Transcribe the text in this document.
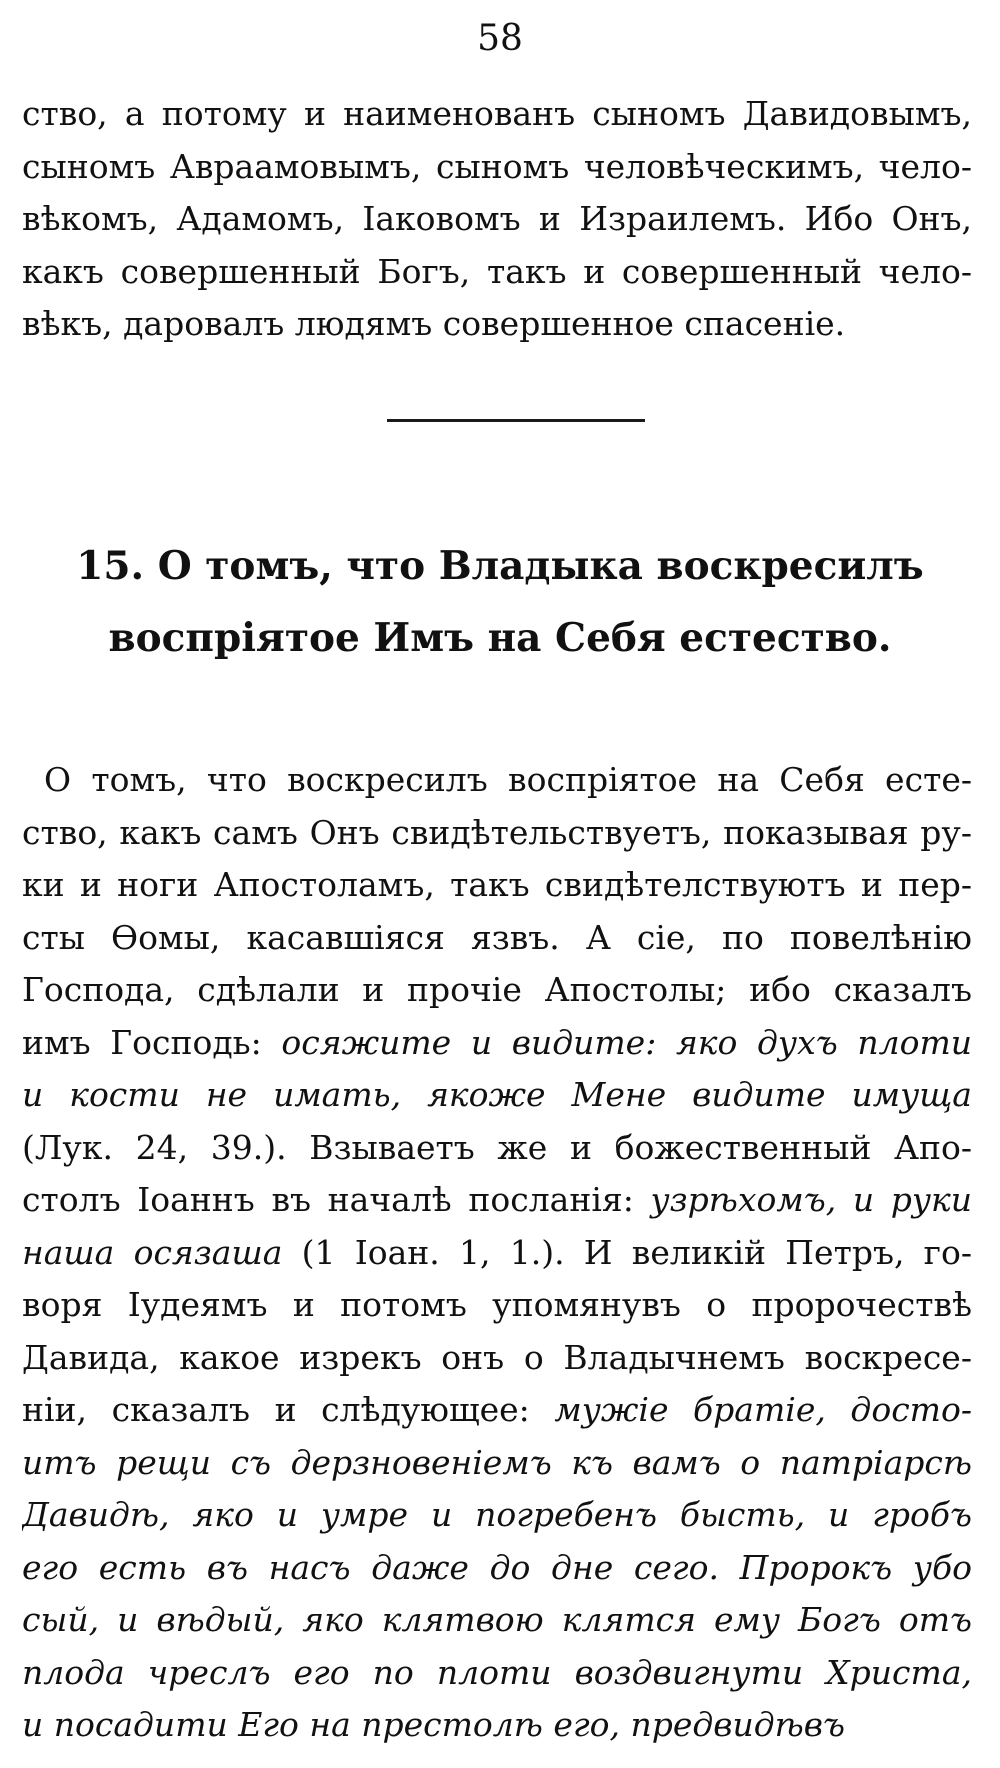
58
ство, а потому и наименованъ сыномъ Давидовымъ,
сыномъ Авраамовымъ, сыномъ человѣческимъ, чело-
вѣкомъ, Адамомъ, Іаковомъ и Израилемъ. Ибо Онъ,
какъ совершенный Богъ, такъ и совершенный чело-
вѣкъ, даровалъ людямъ совершенное спасеніе.
15. О томъ, что Владыка воскресилъ
воспріятое Имъ на Себя естество.
О томъ, что воскресилъ воспріятое на Себя есте-
ство, какъ самъ Онъ свидѣтельствуетъ, показывая ру-
ки и ноги Апостоламъ, такъ свидѣтелствуютъ и пер-
сты Ѳомы, касавшіяся язвъ. А сіе, по повелѣнію
Господа, сдѣлали и прочіе Апостолы; ибо сказалъ
имъ Господь: осяжите и видите: яко духъ плоти
и кости не имать, якоже Мене видите имуща
(Лук. 24, 39.). Взываетъ же и божественный Апо-
столъ Іоаннъ въ началѣ посланія: узрѣхомъ, и руки
наша осязаша (1 Іоан. 1, 1.). И великій Петръ, го-
воря Іудеямъ и потомъ упомянувъ о пророчествѣ
Давида, какое изрекъ онъ о Владычнемъ воскресе-
ніи, сказалъ и слѣдующее: мужіе братіе, досто-
итъ рещи съ дерзновеніемъ къ вамъ о патріарсѣ
Давидѣ, яко и умре и погребенъ бысть, и гробъ
его есть въ насъ даже до дне сего. Пророкъ убо
сый, и вѣдый, яко клятвою клятся ему Богъ отъ
плода чреслъ его по плоти воздвигнути Христа,
и посадити Его на престолѣ его, предвидѣвъ
